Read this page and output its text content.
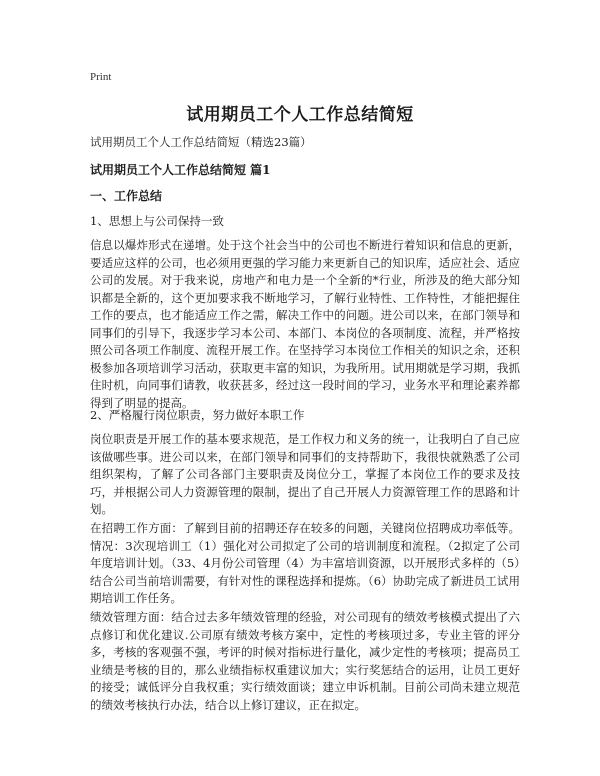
Print
试用期员工个人工作总结简短
试用期员工个人工作总结简短（精选23篇）
试用期员工个人工作总结简短 篇1
一、工作总结
1、思想上与公司保持一致
信息以爆炸形式在递增。处于这个社会当中的公司也不断进行着知识和信息的更新，要适应这样的公司，也必须用更强的学习能力来更新自己的知识库，适应社会、适应公司的发展。对于我来说，房地产和电力是一个全新的*行业，所涉及的绝大部分知识都是全新的，这个更加要求我不断地学习，了解行业特性、工作特性，才能把握住工作的要点，也才能适应工作之需，解决工作中的问题。进公司以来，在部门领导和同事们的引导下，我逐步学习本公司、本部门、本岗位的各项制度、流程，并严格按照公司各项工作制度、流程开展工作。在坚持学习本岗位工作相关的知识之余，还积极参加各项培训学习活动，获取更丰富的知识，为我所用。试用期就是学习期，我抓住时机，向同事们请教，收获甚多，经过这一段时间的学习，业务水平和理论素养都得到了明显的提高。
2、严格履行岗位职责，努力做好本职工作
岗位职责是开展工作的基本要求规范，是工作权力和义务的统一，让我明白了自己应该做哪些事。进公司以来，在部门领导和同事们的支持帮助下，我很快就熟悉了公司组织架构，了解了公司各部门主要职责及岗位分工，掌握了本岗位工作的要求及技巧，并根据公司人力资源管理的限制，提出了自己开展人力资源管理工作的思路和计划。
在招聘工作方面：了解到目前的招聘还存在较多的问题，关键岗位招聘成功率低等。情况：3次现培训工（1）强化对公司拟定了公司的培训制度和流程。（2拟定了公司年度培训计划。（33、4月份公司管理（4）为丰富培训资源，以开展形式多样的（5）结合公司当前培训需要，有针对性的课程选择和提炼。（6）协助完成了新进员工试用期培训工作任务。
绩效管理方面：结合过去多年绩效管理的经验，对公司现有的绩效考核模式提出了六点修订和优化建议.公司原有绩效考核方案中，定性的考核项过多，专业主管的评分多，考核的客观强不强，考评的时候对指标进行量化，减少定性的考核项；提高员工业绩是考核的目的，那么业绩指标权重建议加大；实行奖惩结合的运用，让员工更好的接受；诚低评分自我权重；实行绩效面谈；建立申诉机制。目前公司尚未建立规范的绩效考核执行办法，结合以上修订建议，正在拟定。
